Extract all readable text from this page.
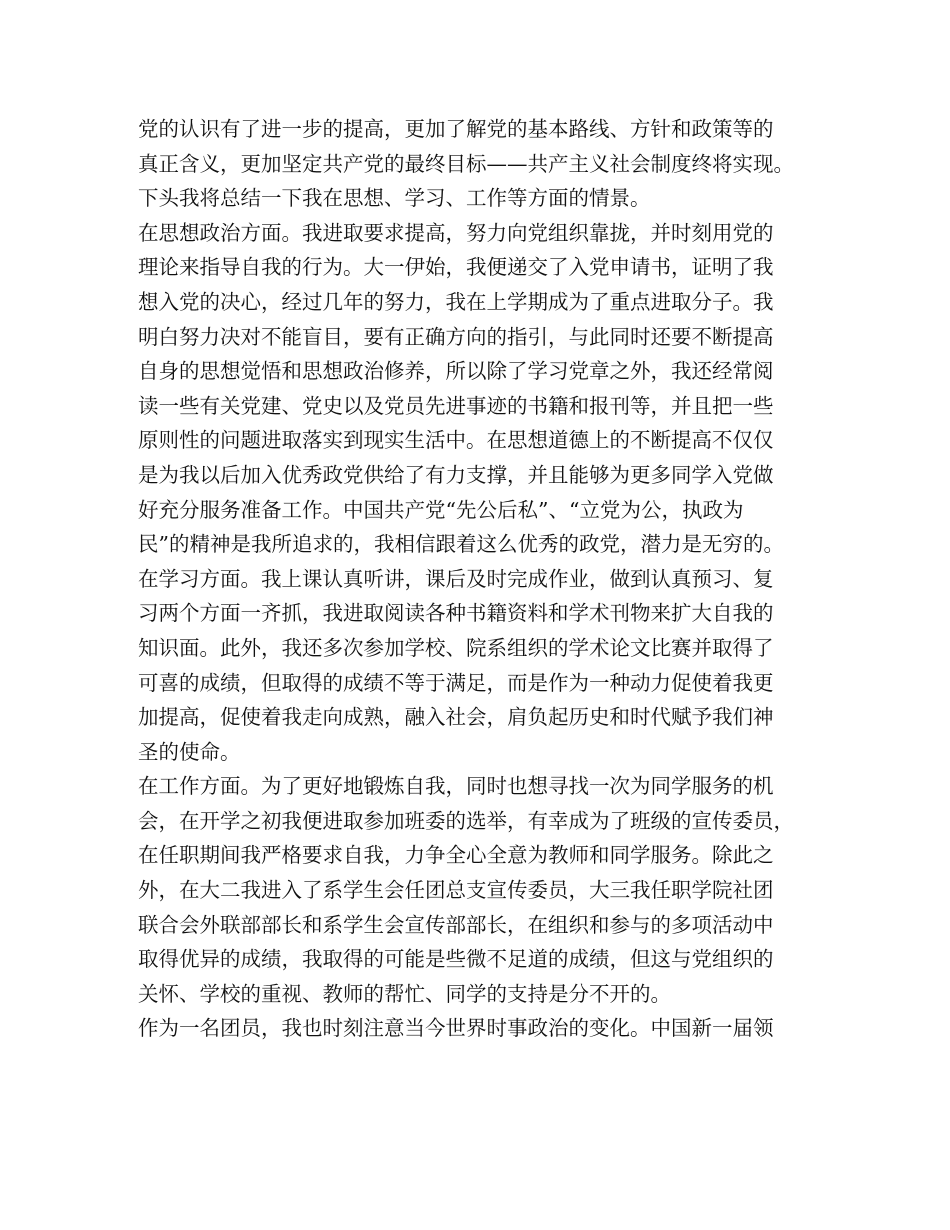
党的认识有了进一步的提高，更加了解党的基本路线、方针和政策等的
真正含义，更加坚定共产党的最终目标——共产主义社会制度终将实现。
下头我将总结一下我在思想、学习、工作等方面的情景。
在思想政治方面。我进取要求提高，努力向党组织靠拢，并时刻用党的
理论来指导自我的行为。大一伊始，我便递交了入党申请书，证明了我
想入党的决心，经过几年的努力，我在上学期成为了重点进取分子。我
明白努力决对不能盲目，要有正确方向的指引，与此同时还要不断提高
自身的思想觉悟和思想政治修养，所以除了学习党章之外，我还经常阅
读一些有关党建、党史以及党员先进事迹的书籍和报刊等，并且把一些
原则性的问题进取落实到现实生活中。在思想道德上的不断提高不仅仅
是为我以后加入优秀政党供给了有力支撑，并且能够为更多同学入党做
好充分服务准备工作。中国共产党“先公后私”、“立党为公，执政为
民”的精神是我所追求的，我相信跟着这么优秀的政党，潜力是无穷的。
在学习方面。我上课认真听讲，课后及时完成作业，做到认真预习、复
习两个方面一齐抓，我进取阅读各种书籍资料和学术刊物来扩大自我的
知识面。此外，我还多次参加学校、院系组织的学术论文比赛并取得了
可喜的成绩，但取得的成绩不等于满足，而是作为一种动力促使着我更
加提高，促使着我走向成熟，融入社会，肩负起历史和时代赋予我们神
圣的使命。
在工作方面。为了更好地锻炼自我，同时也想寻找一次为同学服务的机
会，在开学之初我便进取参加班委的选举，有幸成为了班级的宣传委员，
在任职期间我严格要求自我，力争全心全意为教师和同学服务。除此之
外，在大二我进入了系学生会任团总支宣传委员，大三我任职学院社团
联合会外联部部长和系学生会宣传部部长，在组织和参与的多项活动中
取得优异的成绩，我取得的可能是些微不足道的成绩，但这与党组织的
关怀、学校的重视、教师的帮忙、同学的支持是分不开的。
作为一名团员，我也时刻注意当今世界时事政治的变化。中国新一届领
